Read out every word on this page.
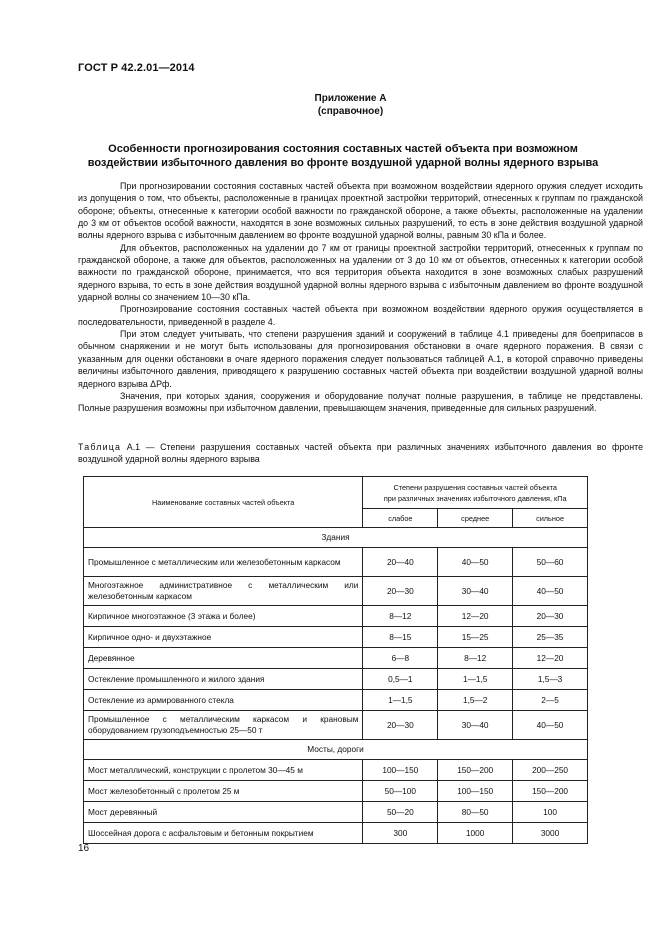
ГОСТ Р 42.2.01—2014
Приложение А
(справочное)
Особенности прогнозирования состояния составных частей объекта при возможном
воздействии избыточного давления во фронте воздушной ударной волны ядерного взрыва

При прогнозировании состояния составных частей объекта при возможном воздействии ядерного оружия следует исходить из допущения о том, что объекты, расположенные в границах проектной застройки территорий, отнесенных к группам по гражданской обороне; объекты, отнесенные к категории особой важности по гражданской обороне, а также объекты, расположенные на удалении до 3 км от объектов особой важности, находятся в зоне возможных сильных разрушений, то есть в зоне действия воздушной ударной волны ядерного взрыва с избыточным давлением во фронте воздушной ударной волны, равным 30 кПа и более.

Для объектов, расположенных на удалении до 7 км от границы проектной застройки территорий, отнесенных к группам по гражданской обороне, а также для объектов, расположенных на удалении от 3 до 10 км от объектов, отнесенных к категории особой важности по гражданской обороне, принимается, что вся территория объекта находится в зоне возможных слабых разрушений ядерного взрыва, то есть в зоне действия воздушной ударной волны ядерного взрыва с избыточным давлением во фронте воздушной ударной волны со значением 10—30 кПа.

Прогнозирование состояния составных частей объекта при возможном воздействии ядерного оружия осуществляется в последовательности, приведенной в разделе 4.

При этом следует учитывать, что степени разрушения зданий и сооружений в таблице 4.1 приведены для боеприпасов в обычном снаряжении и не могут быть использованы для прогнозирования обстановки в очаге ядерного поражения. В связи с указанным для оценки обстановки в очаге ядерного поражения следует пользоваться таблицей А.1, в которой справочно приведены величины избыточного давления, приводящего к разрушению составных частей объекта при воздействии воздушной ударной волны ядерного взрыва ΔPф.

Значения, при которых здания, сооружения и оборудование получат полные разрушения, в таблице не представлены. Полные разрушения возможны при избыточном давлении, превышающем значения, приведенные для сильных разрушений.

Таблица А.1 — Степени разрушения составных частей объекта при различных значениях избыточного давления во фронте воздушной ударной волны ядерного взрыва
Наименование составных частей объекта	Степени разрушения составных частей объекта
при различных значениях избыточного давления, кПа		

	слабое	среднее	сильное
Здания			
Промышленное с металлическим или железобетонным каркасом	20—40	40—50	50—60
Многоэтажное административное с металлическим или железобетонным каркасом	20—30	30—40	40—50
Кирпичное многоэтажное (3 этажа и более)	8—12	12—20	20—30
Кирпичное одно- и двухэтажное	8—15	15—25	25—35
Деревянное	6—8	8—12	12—20
Остекление промышленного и жилого здания	0,5—1	1—1,5	1,5—3
Остекление из армированного стекла	1—1,5	1,5—2	2—5
Промышленное с металлическим каркасом и крановым оборудованием грузоподъемностью 25—50 т	20—30	30—40	40—50
Мосты, дороги			
Мост металлический, конструкции с пролетом 30—45 м	100—150	150—200	200—250
Мост железобетонный с пролетом 25 м	50—100	100—150	150—200
Мост деревянный	50—20	80—50	100
Шоссейная дорога с асфальтовым и бетонным покрытием	300	1000	3000
16
